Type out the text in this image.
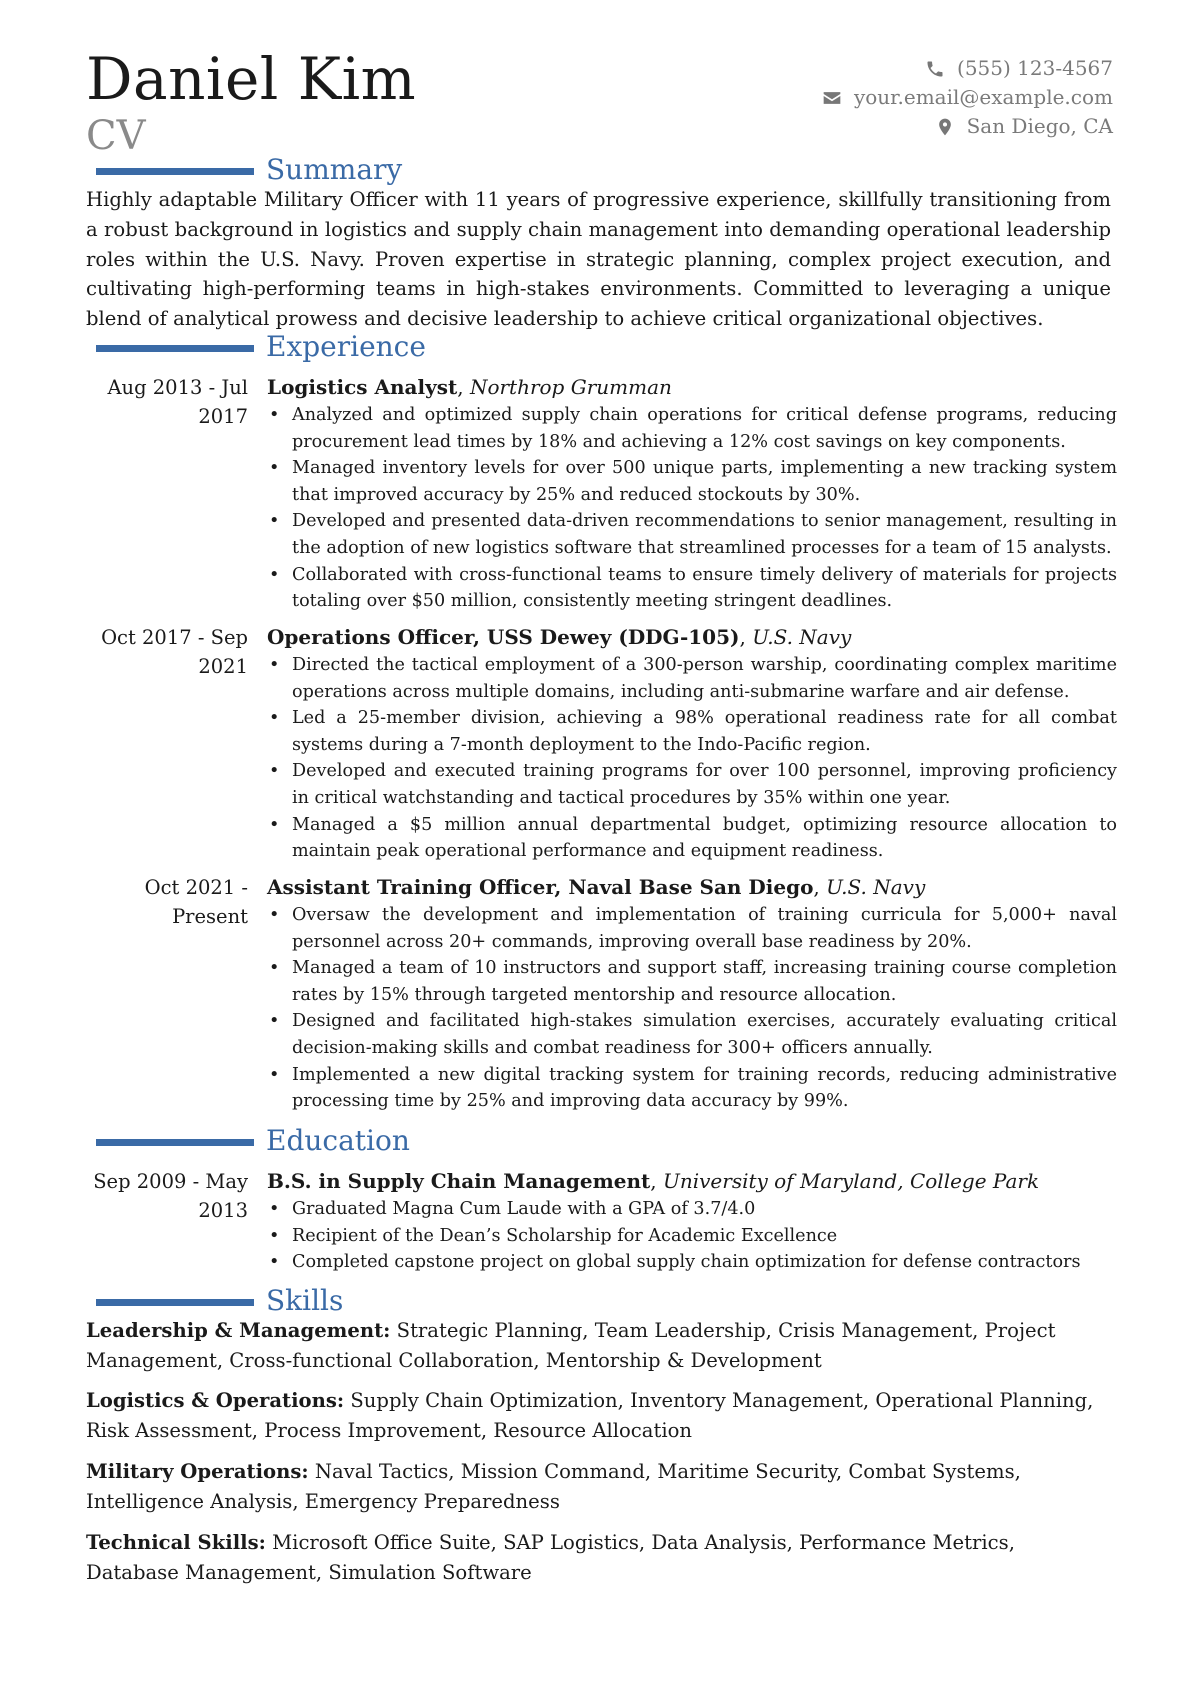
Daniel Kim
CV
(555) 123-4567
your.email@example.com
San Diego, CA
Summary
Highly adaptable Military Officer with 11 years of progressive experience, skillfully transitioning from a robust background in logistics and supply chain management into demanding operational leadership roles within the U.S. Navy. Proven expertise in strategic planning, complex project execution, and cultivating high-performing teams in high-stakes environments. Committed to leveraging a unique blend of analytical prowess and decisive leadership to achieve critical organizational objectives.
Experience
Aug 2013 - Jul 2017
Logistics Analyst, Northrop Grumman
• Analyzed and optimized supply chain operations for critical defense programs, reducing procurement lead times by 18% and achieving a 12% cost savings on key components.
• Managed inventory levels for over 500 unique parts, implementing a new tracking system that improved accuracy by 25% and reduced stockouts by 30%.
• Developed and presented data-driven recommendations to senior management, resulting in the adoption of new logistics software that streamlined processes for a team of 15 analysts.
• Collaborated with cross-functional teams to ensure timely delivery of materials for projects totaling over $50 million, consistently meeting stringent deadlines.
Oct 2017 - Sep 2021
Operations Officer, USS Dewey (DDG-105), U.S. Navy
• Directed the tactical employment of a 300-person warship, coordinating complex maritime operations across multiple domains, including anti-submarine warfare and air defense.
• Led a 25-member division, achieving a 98% operational readiness rate for all combat systems during a 7-month deployment to the Indo-Pacific region.
• Developed and executed training programs for over 100 personnel, improving proficiency in critical watchstanding and tactical procedures by 35% within one year.
• Managed a $5 million annual departmental budget, optimizing resource allocation to maintain peak operational performance and equipment readiness.
Oct 2021 - Present
Assistant Training Officer, Naval Base San Diego, U.S. Navy
• Oversaw the development and implementation of training curricula for 5,000+ naval personnel across 20+ commands, improving overall base readiness by 20%.
• Managed a team of 10 instructors and support staff, increasing training course completion rates by 15% through targeted mentorship and resource allocation.
• Designed and facilitated high-stakes simulation exercises, accurately evaluating critical decision-making skills and combat readiness for 300+ officers annually.
• Implemented a new digital tracking system for training records, reducing administrative processing time by 25% and improving data accuracy by 99%.
Education
Sep 2009 - May 2013
B.S. in Supply Chain Management, University of Maryland, College Park
• Graduated Magna Cum Laude with a GPA of 3.7/4.0
• Recipient of the Dean’s Scholarship for Academic Excellence
• Completed capstone project on global supply chain optimization for defense contractors
Skills
Leadership & Management: Strategic Planning, Team Leadership, Crisis Management, Project Management, Cross-functional Collaboration, Mentorship & Development
Logistics & Operations: Supply Chain Optimization, Inventory Management, Operational Planning, Risk Assessment, Process Improvement, Resource Allocation
Military Operations: Naval Tactics, Mission Command, Maritime Security, Combat Systems, Intelligence Analysis, Emergency Preparedness
Technical Skills: Microsoft Office Suite, SAP Logistics, Data Analysis, Performance Metrics, Database Management, Simulation Software
